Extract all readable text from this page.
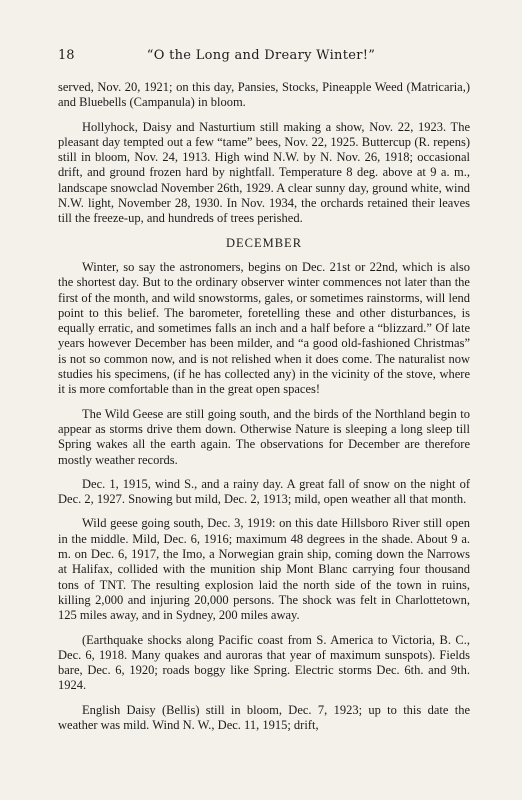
18	“O the Long and Dreary Winter!”

served, Nov. 20, 1921; on this day, Pansies, Stocks, Pineapple Weed (Matricaria,) and Bluebells (Campanula) in bloom.

Hollyhock, Daisy and Nasturtium still making a show, Nov. 22, 1923. The pleasant day tempted out a few “tame” bees, Nov. 22, 1925. Buttercup (R. repens) still in bloom, Nov. 24, 1913. High wind N.W. by N. Nov. 26, 1918; occasional drift, and ground frozen hard by nightfall. Temperature 8 deg. above at 9 a. m., landscape snowclad November 26th, 1929. A clear sunny day, ground white, wind N.W. light, November 28, 1930. In Nov. 1934, the orchards retained their leaves till the freeze-up, and hundreds of trees perished.

DECEMBER

Winter, so say the astronomers, begins on Dec. 21st or 22nd, which is also the shortest day. But to the ordinary observer winter commences not later than the first of the month, and wild snowstorms, gales, or sometimes rainstorms, will lend point to this belief. The barometer, foretelling these and other disturbances, is equally erratic, and sometimes falls an inch and a half before a “blizzard.” Of late years however December has been milder, and “a good old-fashioned Christmas” is not so common now, and is not relished when it does come. The naturalist now studies his specimens, (if he has collected any) in the vicinity of the stove, where it is more comfortable than in the great open spaces!

The Wild Geese are still going south, and the birds of the Northland begin to appear as storms drive them down. Otherwise Nature is sleeping a long sleep till Spring wakes all the earth again. The observations for December are therefore mostly weather records.

Dec. 1, 1915, wind S., and a rainy day. A great fall of snow on the night of Dec. 2, 1927. Snowing but mild, Dec. 2, 1913; mild, open weather all that month.

Wild geese going south, Dec. 3, 1919: on this date Hillsboro River still open in the middle. Mild, Dec. 6, 1916; maximum 48 degrees in the shade. About 9 a. m. on Dec. 6, 1917, the Imo, a Norwegian grain ship, coming down the Narrows at Halifax, collided with the munition ship Mont Blanc carrying four thousand tons of TNT. The resulting explosion laid the north side of the town in ruins, killing 2,000 and injuring 20,000 persons. The shock was felt in Charlottetown, 125 miles away, and in Sydney, 200 miles away.

(Earthquake shocks along Pacific coast from S. America to Victoria, B. C., Dec. 6, 1918. Many quakes and auroras that year of maximum sunspots). Fields bare, Dec. 6, 1920; roads boggy like Spring. Electric storms Dec. 6th. and 9th. 1924.

English Daisy (Bellis) still in bloom, Dec. 7, 1923; up to this date the weather was mild. Wind N. W., Dec. 11, 1915; drift,
